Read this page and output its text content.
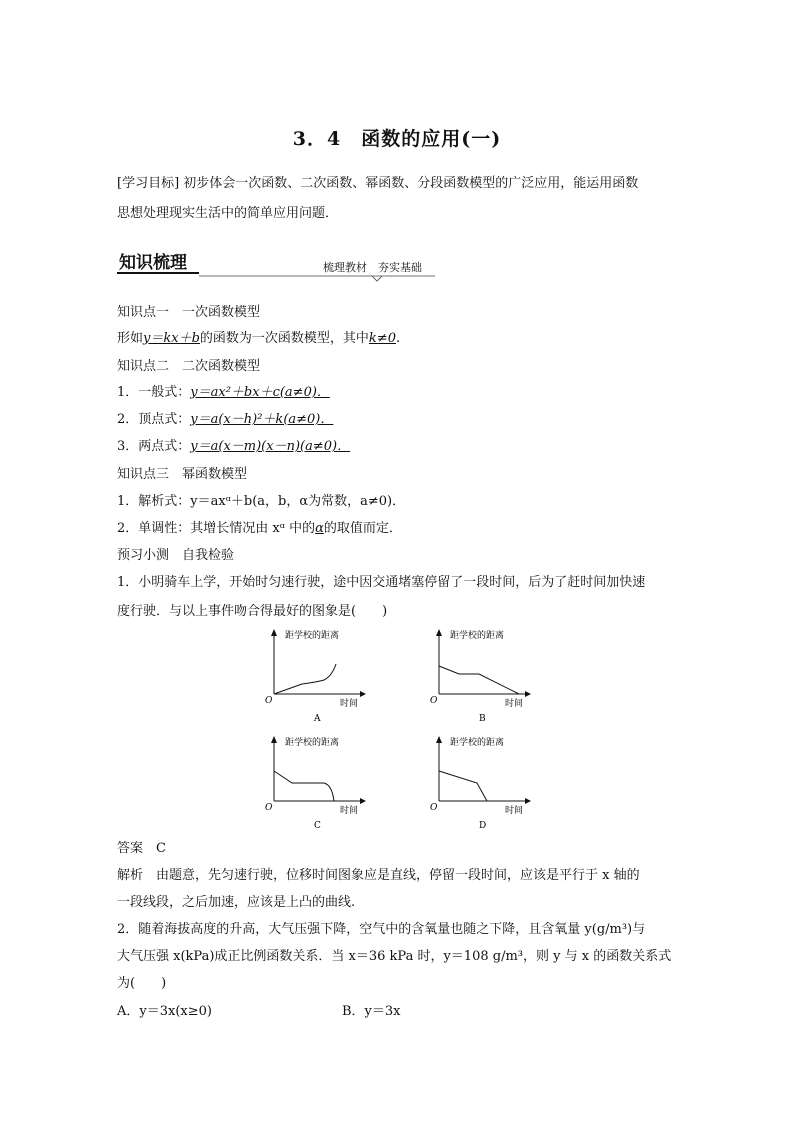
3．4　函数的应用(一)
[学习目标] 初步体会一次函数、二次函数、幂函数、分段函数模型的广泛应用，能运用函数
思想处理现实生活中的简单应用问题．
知识梳理	梳理教材　夯实基础
知识点一　一次函数模型
形如y＝kx＋b的函数为一次函数模型，其中k≠0.
知识点二　二次函数模型
1．一般式：y＝ax²＋bx＋c(a≠0)．
2．顶点式：y＝a(x－h)²＋k(a≠0)．
3．两点式：y＝a(x－m)(x－n)(a≠0)．
知识点三　幂函数模型
1．解析式：y＝axᵅ＋b(a，b，α为常数，a≠0)．
2．单调性：其增长情况由 xᵅ 中的α的取值而定．
预习小测　自我检验
1．小明骑车上学，开始时匀速行驶，途中因交通堵塞停留了一段时间，后为了赶时间加快速
度行驶．与以上事件吻合得最好的图象是(　　)
距学校的距离
时间
O
A
距学校的距离
时间
O
B
距学校的距离
时间
O
C
距学校的距离
时间
O
D
答案　C
解析　由题意，先匀速行驶，位移时间图象应是直线，停留一段时间，应该是平行于 x 轴的
一段线段，之后加速，应该是上凸的曲线.
2．随着海拔高度的升高，大气压强下降，空气中的含氧量也随之下降，且含氧量 y(g/m³)与
大气压强 x(kPa)成正比例函数关系．当 x＝36 kPa 时，y＝108 g/m³，则 y 与 x 的函数关系式
为(　　)
A．y＝3x(x≥0)	B．y＝3x
